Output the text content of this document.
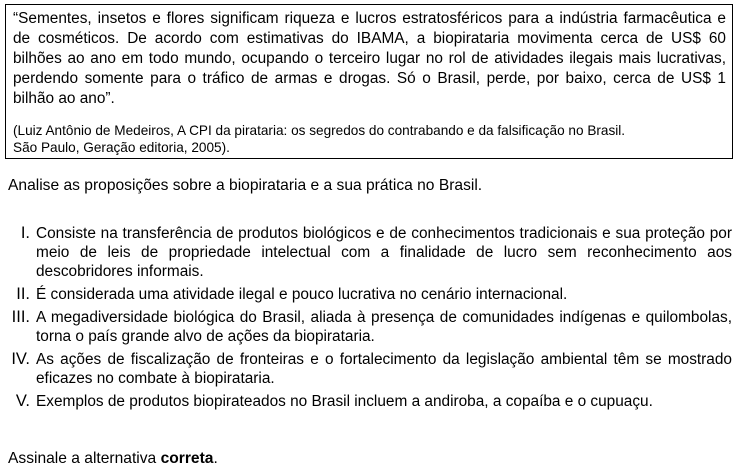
“Sementes, insetos e flores significam riqueza e lucros estratosféricos para a indústria farmacêutica e de cosméticos. De acordo com estimativas do IBAMA, a biopirataria movimenta cerca de US$ 60 bilhões ao ano em todo mundo, ocupando o terceiro lugar no rol de atividades ilegais mais lucrativas, perdendo somente para o tráfico de armas e drogas. Só o Brasil, perde, por baixo, cerca de US$ 1 bilhão ao ano”.

(Luiz Antônio de Medeiros, A CPI da pirataria: os segredos do contrabando e da falsificação no Brasil.
São Paulo, Geração editoria, 2005).

Analise as proposições sobre a biopirataria e a sua prática no Brasil.

I. Consiste na transferência de produtos biológicos e de conhecimentos tradicionais e sua proteção por meio de leis de propriedade intelectual com a finalidade de lucro sem reconhecimento aos descobridores informais.
II. É considerada uma atividade ilegal e pouco lucrativa no cenário internacional.
III. A megadiversidade biológica do Brasil, aliada à presença de comunidades indígenas e quilombolas, torna o país grande alvo de ações da biopirataria.
IV. As ações de fiscalização de fronteiras e o fortalecimento da legislação ambiental têm se mostrado eficazes no combate à biopirataria.
V. Exemplos de produtos biopirateados no Brasil incluem a andiroba, a copaíba e o cupuaçu.

Assinale a alternativa correta.
